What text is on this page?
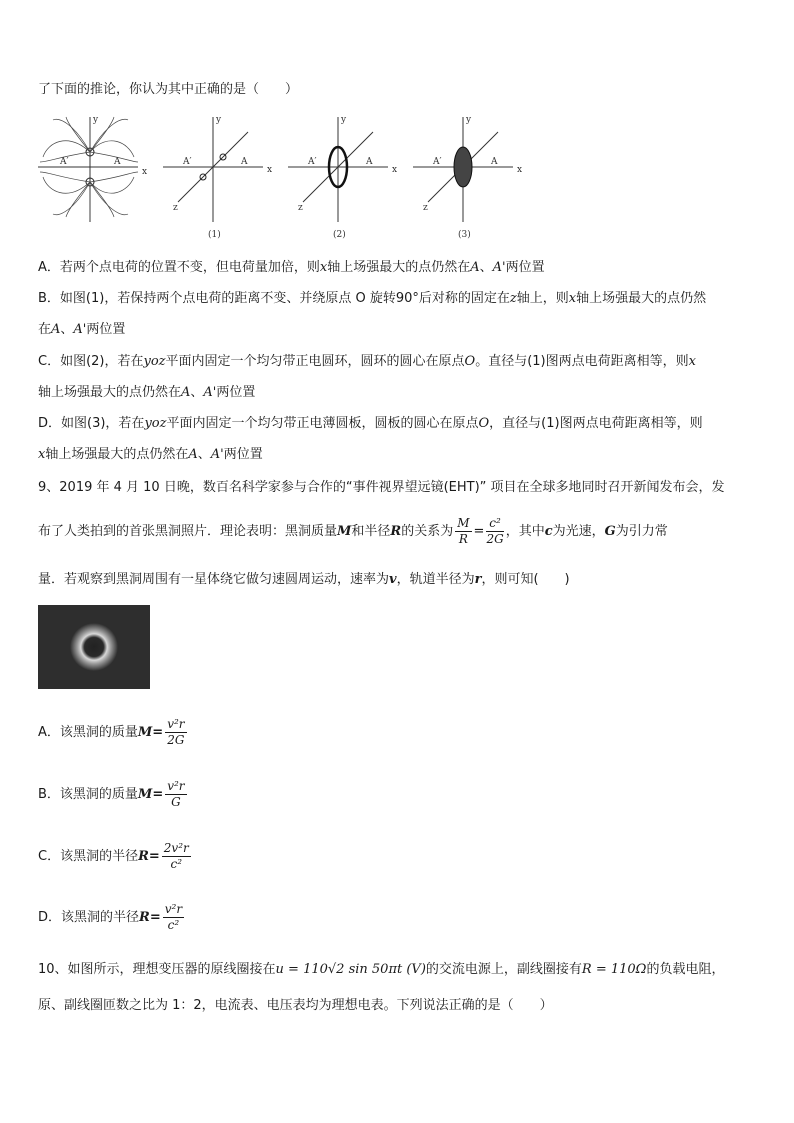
了下面的推论，你认为其中正确的是（　　）
x
y
A′	A
x
y
z
A′	A
(1)
x
y
z
A′	A
(2)
x
y
z
A′	A
(3)
A．若两个点电荷的位置不变，但电荷量加倍，则x轴上场强最大的点仍然在A、A'两位置
B．如图(1)，若保持两个点电荷的距离不变、并绕原点 O 旋转90°后对称的固定在z轴上，则x轴上场强最大的点仍然
在A、A'两位置
C．如图(2)，若在yoz平面内固定一个均匀带正电圆环，圆环的圆心在原点O。直径与(1)图两点电荷距离相等，则x
轴上场强最大的点仍然在A、A'两位置
D．如图(3)，若在yoz平面内固定一个均匀带正电薄圆板，圆板的圆心在原点O，直径与(1)图两点电荷距离相等，则
x轴上场强最大的点仍然在A、A'两位置
9、2019 年 4 月 10 日晚，数百名科学家参与合作的“事件视界望远镜(EHT)” 项目在全球多地同时召开新闻发布会，发
布了人类拍到的首张黑洞照片．理论表明：黑洞质量M和半径R的关系为 $\frac{M}{R} = \frac{\text{c²}}{2G}$ ，其中c为光速，G为引力常
量．若观察到黑洞周围有一星体绕它做匀速圆周运动，速率为v，轨道半径为r，则可知(　　)
A．该黑洞的质量$M= \frac{\text{v²r}}{2G}$
B．该黑洞的质量$M= \frac{\text{v²r}}{G}$
C．该黑洞的半径$R= \frac{\text{2v²r}}{\text{c²}}$
D．该黑洞的半径$R= \frac{\text{v²r}}{\text{c²}}$
10、如图所示，理想变压器的原线圈接在u = 110√2 sin 50πt (V)的交流电源上，副线圈接有R = 110Ω的负载电阻，
原、副线圈匝数之比为 1：2，电流表、电压表均为理想电表。下列说法正确的是（　　）
